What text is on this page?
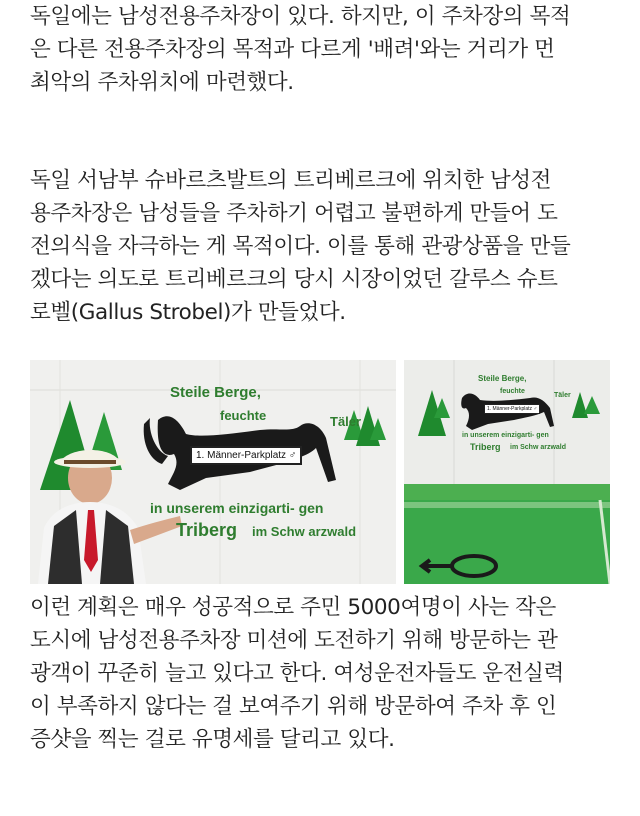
독일에는 남성전용주차장이 있다. 하지만, 이 주차장의 목적
은 다른 전용주차장의 목적과 다르게 '배려'와는 거리가 먼
최악의 주차위치에 마련했다.
독일 서남부 슈바르츠발트의 트리베르크에 위치한 남성전
용주차장은 남성들을 주차하기 어렵고 불편하게 만들어 도
전의식을 자극하는 게 목적이다. 이를 통해 관광상품을 만들
겠다는 의도로 트리베르크의 당시 시장이었던 갈루스 슈트
로벨(Gallus Strobel)가 만들었다.
Steile Berge,
feuchte	Täler
1. Männer-Parkplatz ♂
in unserem einzigarti- gen
Triberg im Schw arzwald
Steile Berge,
feuchte
Täler
1. Männer-Parkplatz ♂
in unserem einzigarti- gen
Triberg im Schw arzwald
이런 계획은 매우 성공적으로 주민 5000여명이 사는 작은
도시에 남성전용주차장 미션에 도전하기 위해 방문하는 관
광객이 꾸준히 늘고 있다고 한다. 여성운전자들도 운전실력
이 부족하지 않다는 걸 보여주기 위해 방문하여 주차 후 인
증샷을 찍는 걸로 유명세를 달리고 있다.
